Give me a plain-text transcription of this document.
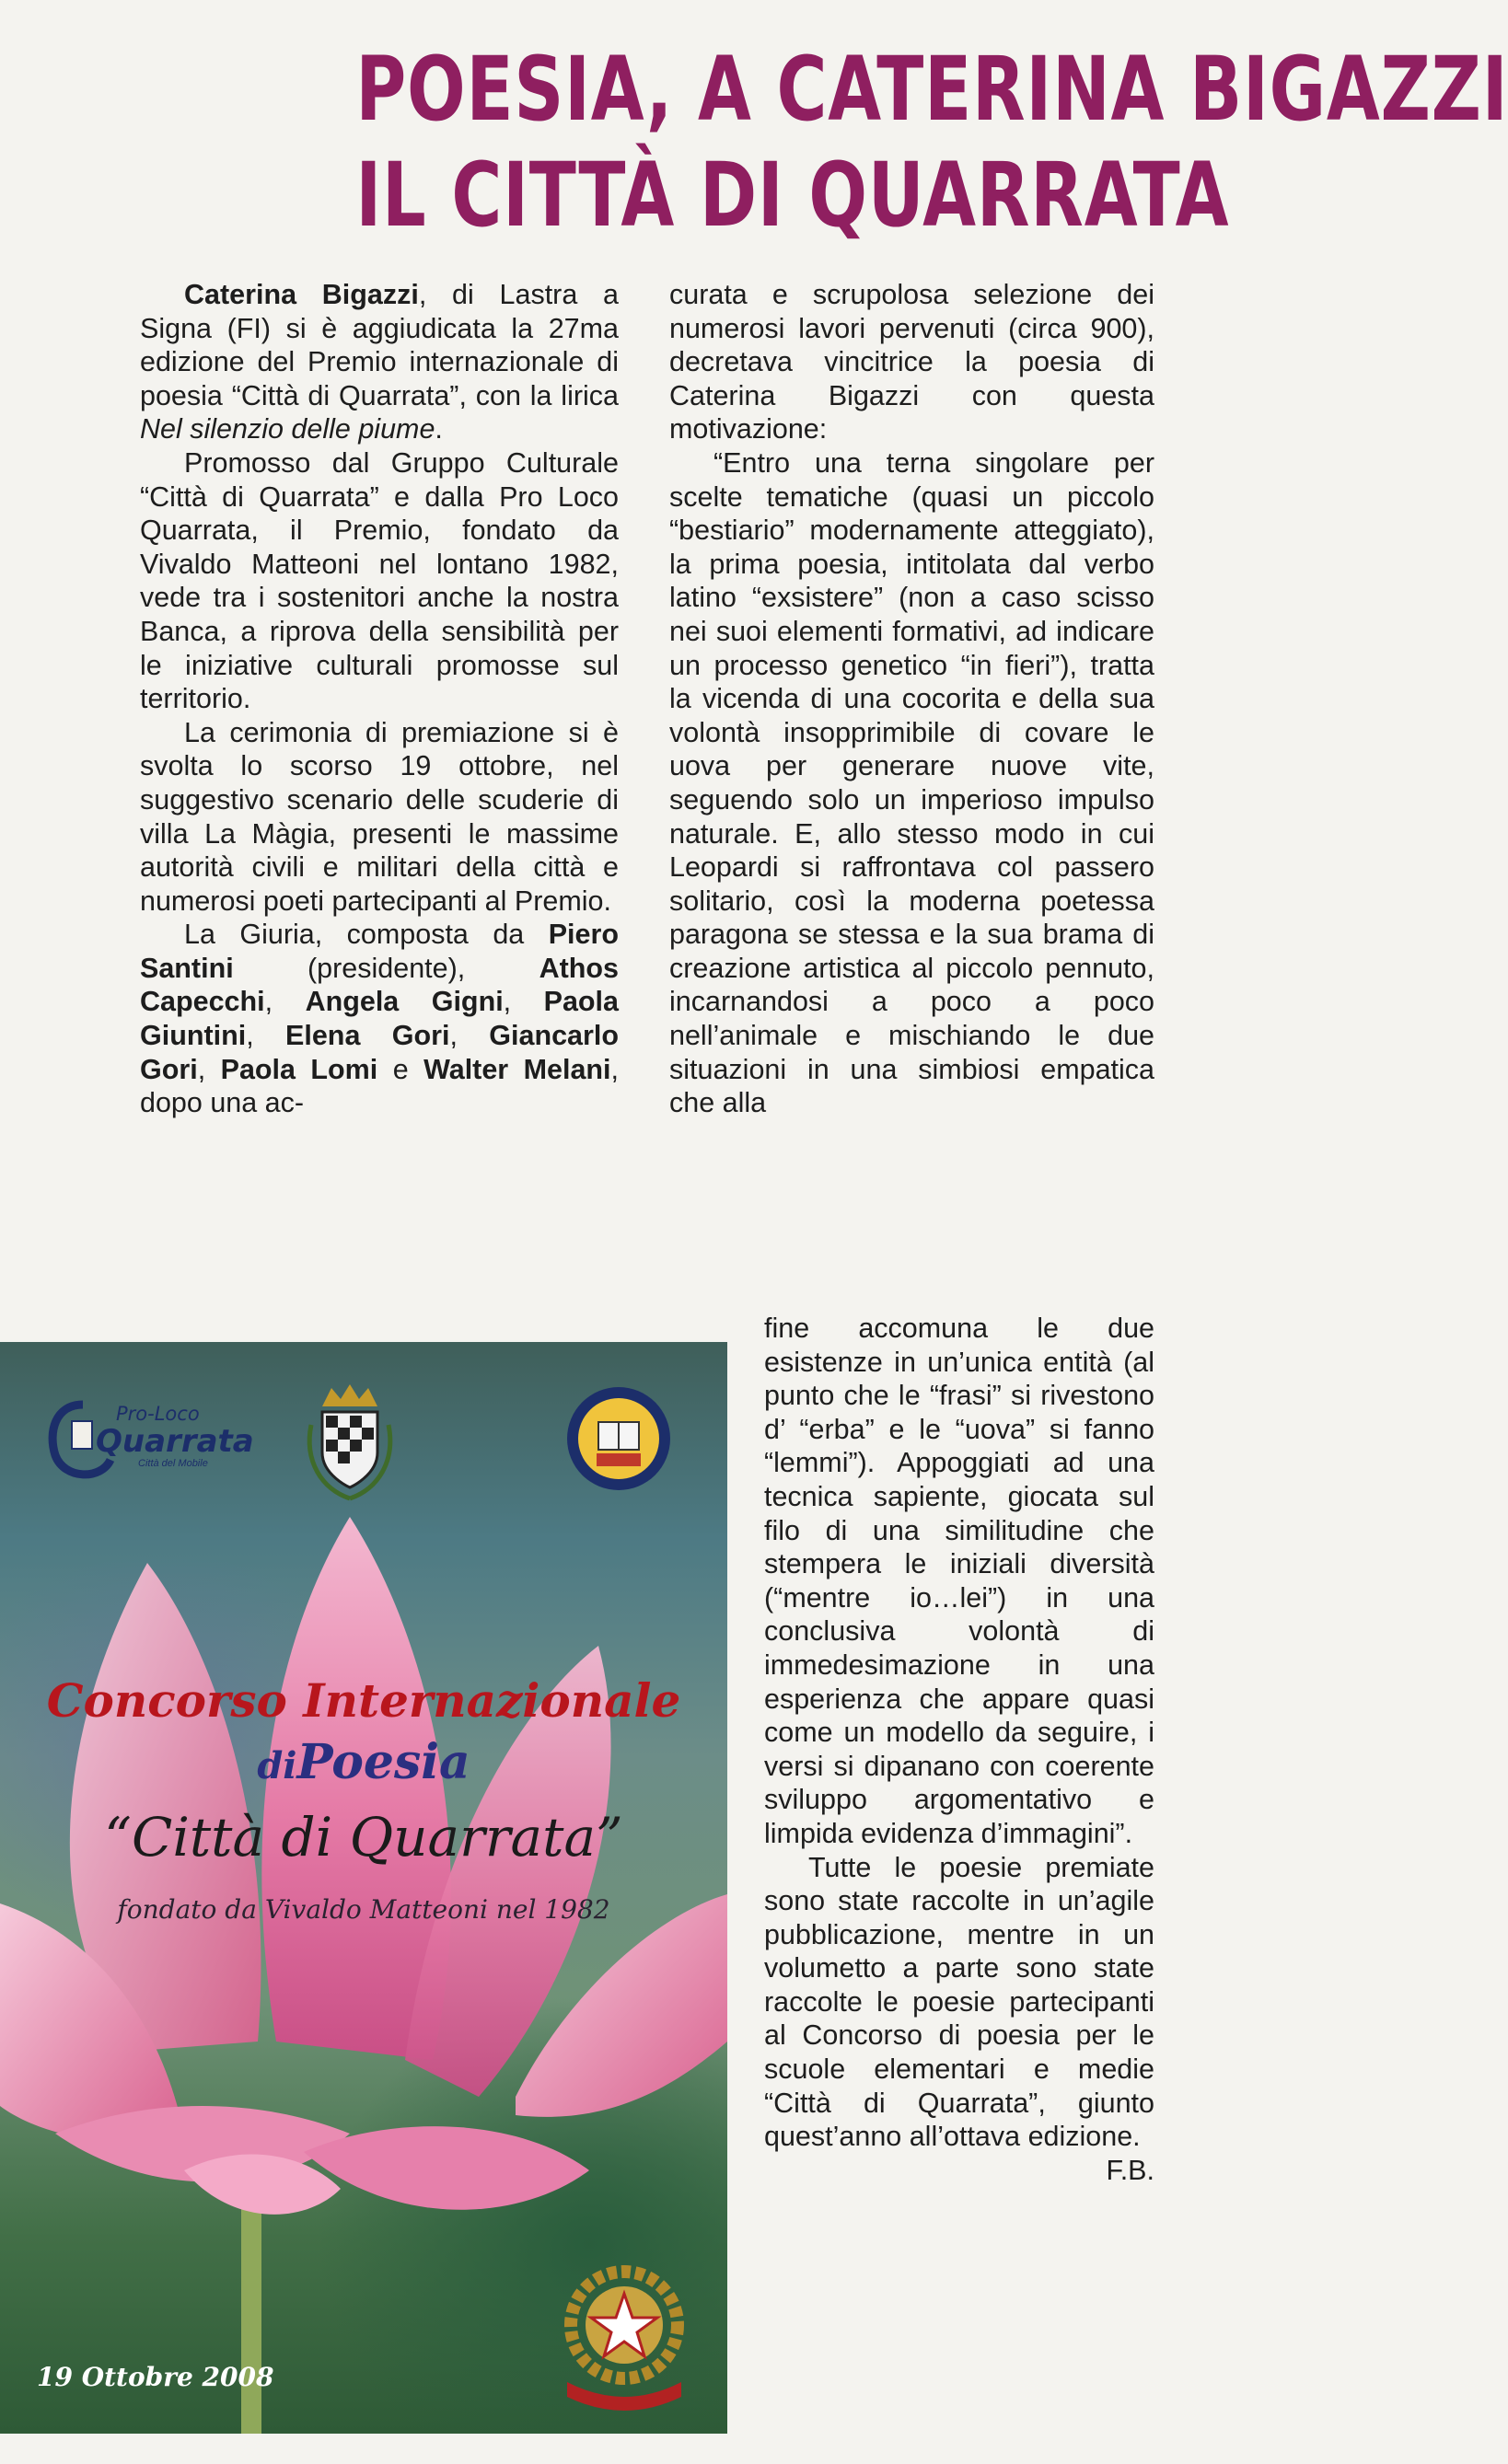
POESIA, A CATERINA BIGAZZI
IL CITTÀ DI QUARRATA

Caterina Bigazzi, di Lastra a Signa (FI) si è aggiudicata la 27ma edizione del Premio internazionale di poesia “Città di Quarrata”, con la lirica Nel silenzio delle piume.

Promosso dal Gruppo Culturale “Città di Quarrata” e dalla Pro Loco Quarrata, il Premio, fondato da Vivaldo Matteoni nel lontano 1982, vede tra i sostenitori anche la nostra Banca, a riprova della sensibilità per le iniziative culturali promosse sul territorio.

La cerimonia di premiazione si è svolta lo scorso 19 ottobre, nel suggestivo scenario delle scuderie di villa La Màgia, presenti le massime autorità civili e militari della città e numerosi poeti partecipanti al Premio.

La Giuria, composta da Piero Santini (presidente), Athos Capecchi, Angela Gigni, Paola Giuntini, Elena Gori, Giancarlo Gori, Paola Lomi e Walter Melani, dopo una ac-

curata e scrupolosa selezione dei numerosi lavori pervenuti (circa 900), decretava vincitrice la poesia di Caterina Bigazzi con questa motivazione:

“Entro una terna singolare per scelte tematiche (quasi un piccolo “bestiario” modernamente atteggiato), la prima poesia, intitolata dal verbo latino “exsistere” (non a caso scisso nei suoi elementi formativi, ad indicare un processo genetico “in fieri”), tratta la vicenda di una cocorita e della sua volontà insopprimibile di covare le uova per generare nuove vite, seguendo solo un imperioso impulso naturale. E, allo stesso modo in cui Leopardi si raffrontava col passero solitario, così la moderna poetessa paragona se stessa e la sua brama di creazione artistica al piccolo pennuto, incarnandosi a poco a poco nell’animale e mischiando le due situazioni in una simbiosi empatica che alla

fine accomuna le due esistenze in un’unica entità (al punto che le “frasi” si rivestono d’ “erba” e le “uova” si fanno “lemmi”). Appoggiati ad una tecnica sapiente, giocata sul filo di una similitudine che stempera le iniziali diversità (“mentre io…lei”) in una conclusiva volontà di immedesimazione in una esperienza che appare quasi come un modello da seguire, i versi si dipanano con coerente sviluppo argomentativo e limpida evidenza d’immagini”.

Tutte le poesie premiate sono state raccolte in un’agile pubblicazione, mentre in un volumetto a parte sono state raccolte le poesie partecipanti al Concorso di poesia per le scuole elementari e medie “Città di Quarrata”, giunto quest’anno all’ottava edizione.

F.B.

Pro-Loco
Quarrata
Città del Mobile
Concorso Internazionale
diPoesia
“Città di Quarrata”
fondato da Vivaldo Matteoni nel 1982
19 Ottobre 2008
